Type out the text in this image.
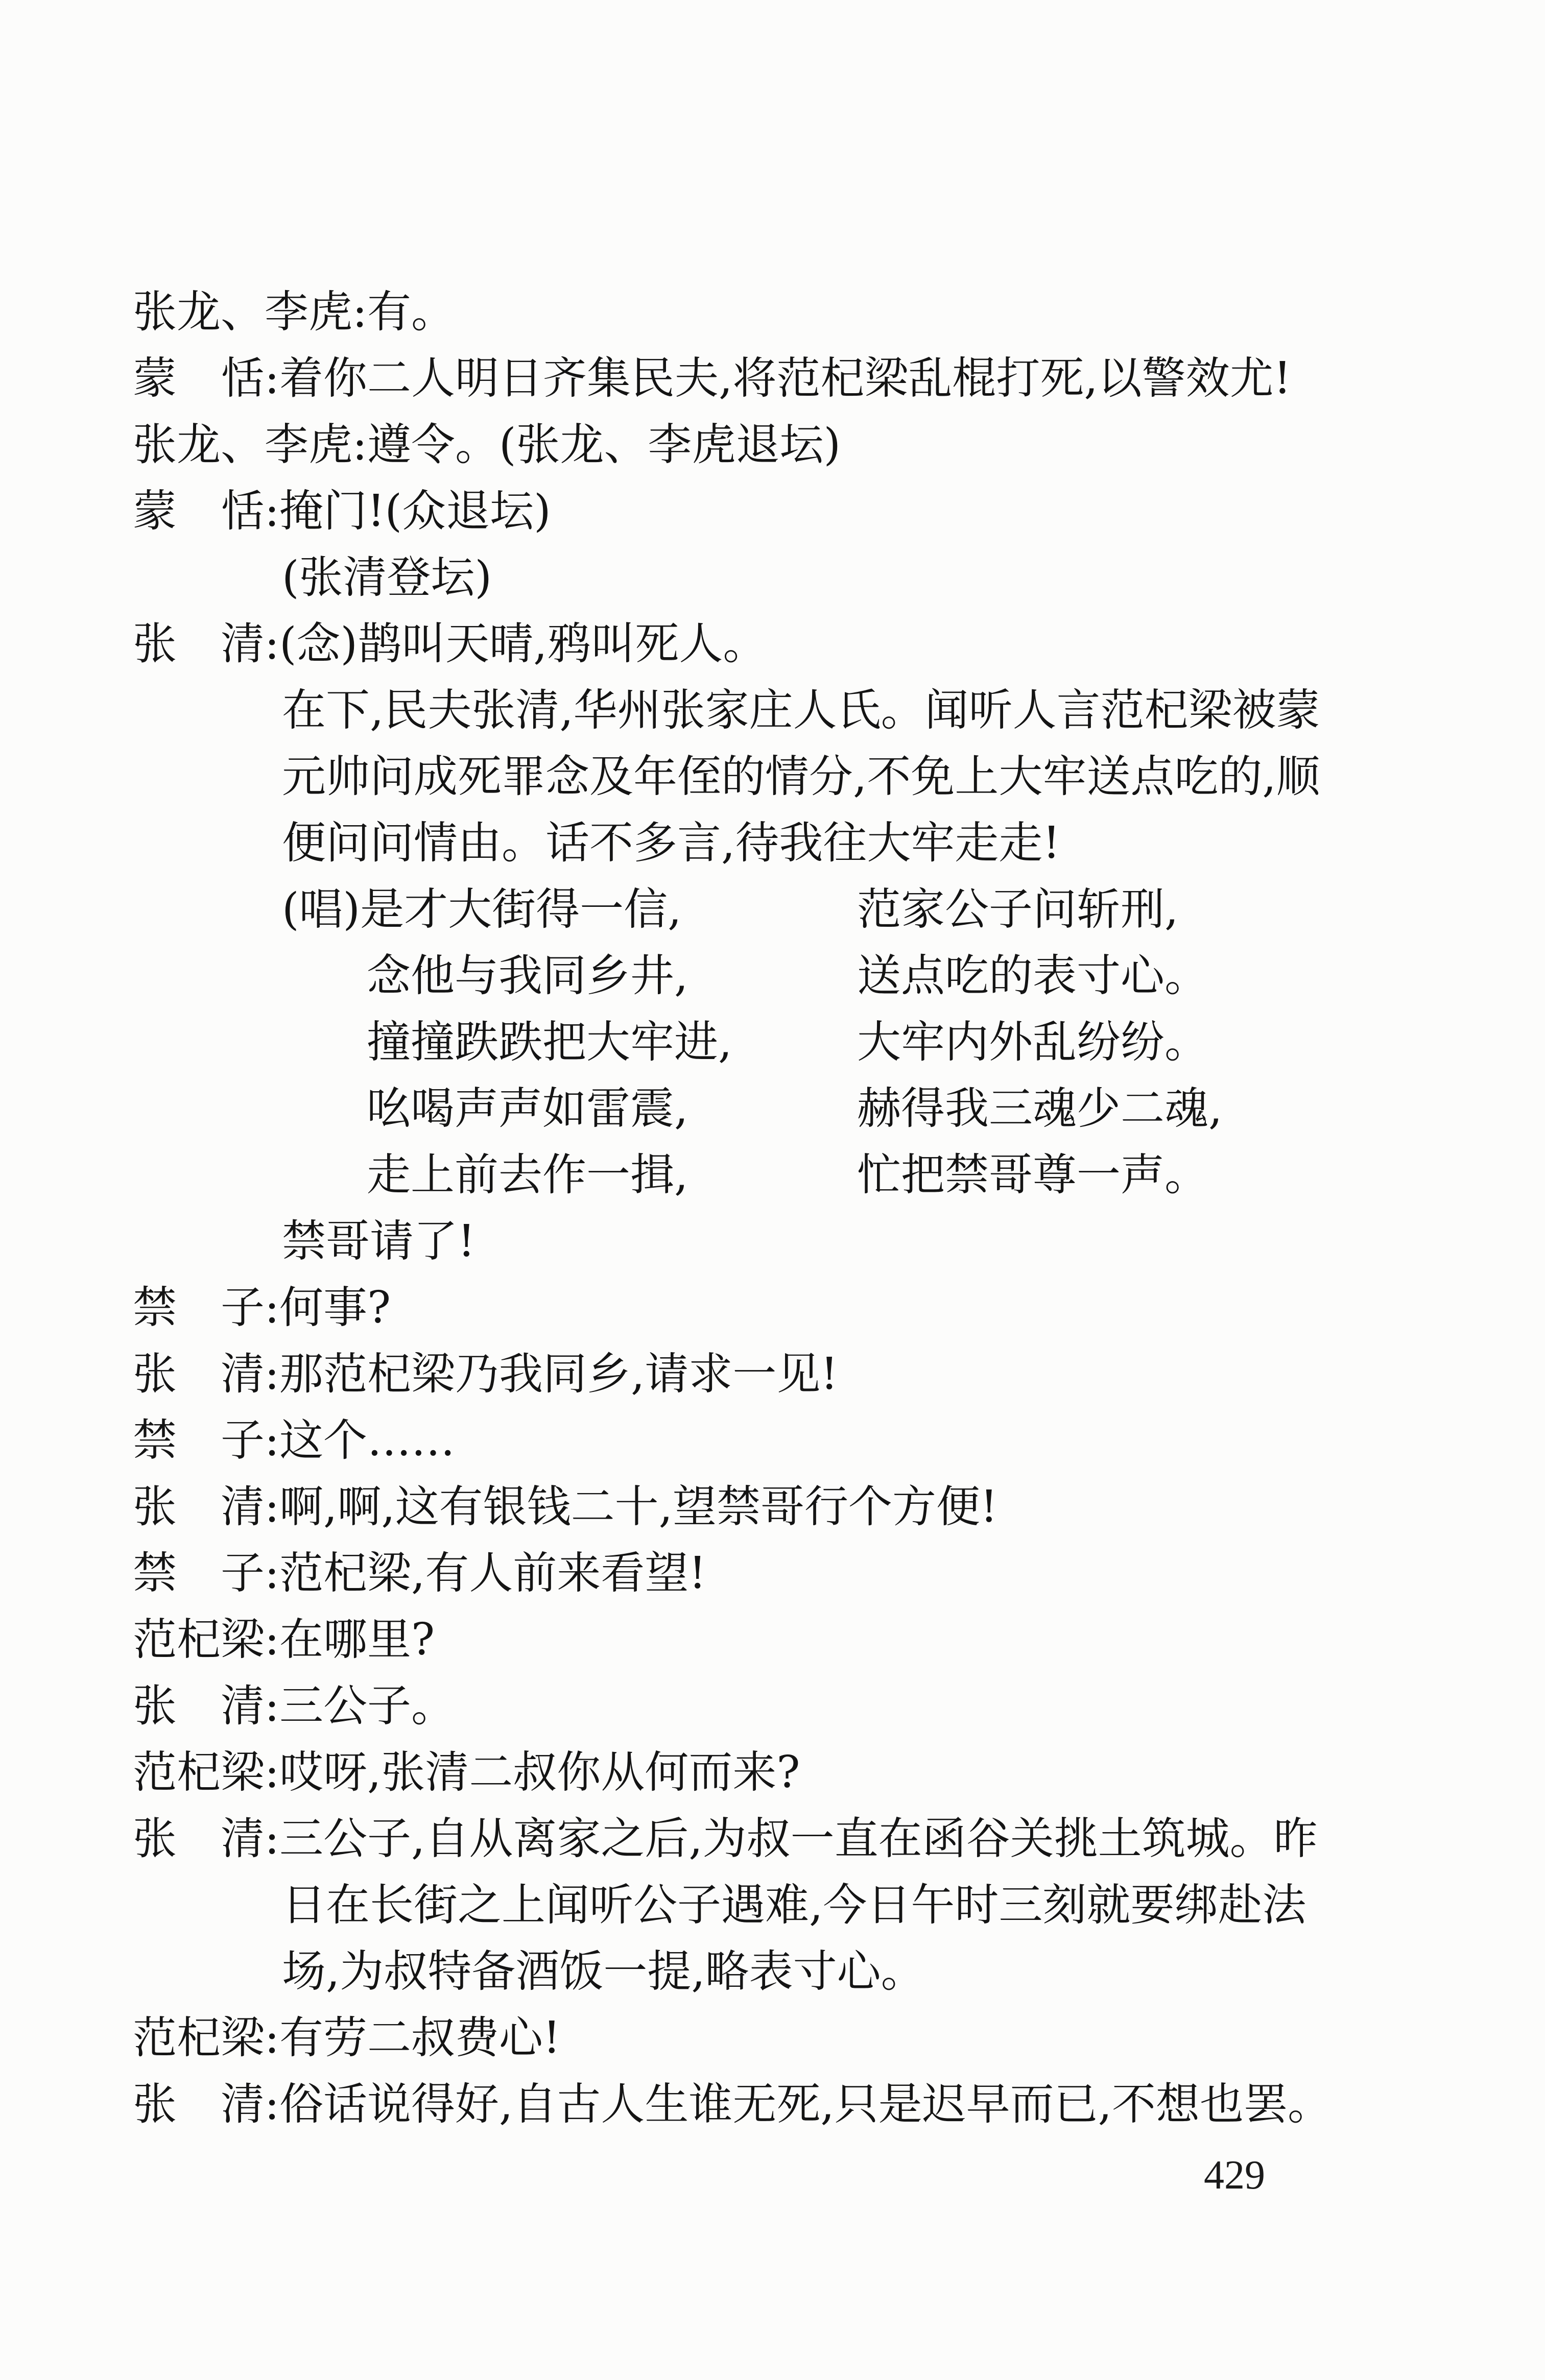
张龙、李虎:有。
蒙　恬:着你二人明日齐集民夫,将范杞梁乱棍打死,以警效尤!
张龙、李虎:遵令。(张龙、李虎退坛)
蒙　恬:掩门!(众退坛)
(张清登坛)
张　清:(念)鹊叫天晴,鸦叫死人。
在下,民夫张清,华州张家庄人氏。闻听人言范杞梁被蒙
元帅问成死罪念及年侄的情分,不免上大牢送点吃的,顺
便问问情由。话不多言,待我往大牢走走!
(唱)是才大街得一信,	范家公子问斩刑,
念他与我同乡井,	送点吃的表寸心。
撞撞跌跌把大牢进,	大牢内外乱纷纷。
吆喝声声如雷震,	赫得我三魂少二魂,
走上前去作一揖,	忙把禁哥尊一声。
禁哥请了!
禁　子:何事?
张　清:那范杞梁乃我同乡,请求一见!
禁　子:这个……
张　清:啊,啊,这有银钱二十,望禁哥行个方便!
禁　子:范杞梁,有人前来看望!
范杞梁:在哪里?
张　清:三公子。
范杞梁:哎呀,张清二叔你从何而来?
张　清:三公子,自从离家之后,为叔一直在函谷关挑土筑城。昨
日在长街之上闻听公子遇难,今日午时三刻就要绑赴法
场,为叔特备酒饭一提,略表寸心。
范杞梁:有劳二叔费心!
张　清:俗话说得好,自古人生谁无死,只是迟早而已,不想也罢。
429
